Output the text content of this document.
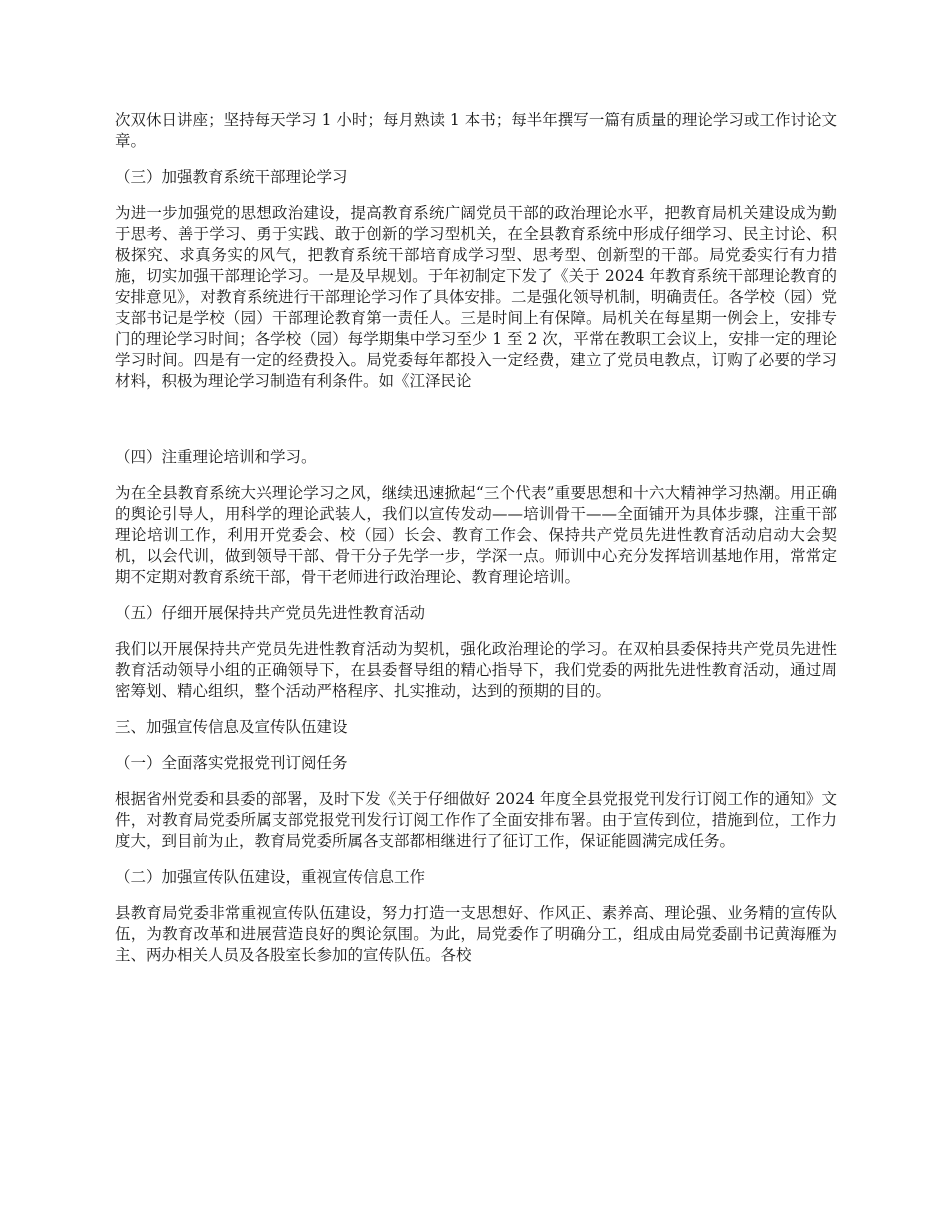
次双休日讲座；坚持每天学习 1 小时；每月熟读 1 本书；每半年撰写一篇有质量的理论学习或工作讨论文章。

（三）加强教育系统干部理论学习

为进一步加强党的思想政治建设，提高教育系统广阔党员干部的政治理论水平，把教育局机关建设成为勤于思考、善于学习、勇于实践、敢于创新的学习型机关，在全县教育系统中形成仔细学习、民主讨论、积极探究、求真务实的风气，把教育系统干部培育成学习型、思考型、创新型的干部。局党委实行有力措施，切实加强干部理论学习。一是及早规划。于年初制定下发了《关于 2024 年教育系统干部理论教育的安排意见》，对教育系统进行干部理论学习作了具体安排。二是强化领导机制，明确责任。各学校（园）党支部书记是学校（园）干部理论教育第一责任人。三是时间上有保障。局机关在每星期一例会上，安排专门的理论学习时间；各学校（园）每学期集中学习至少 1 至 2 次，平常在教职工会议上，安排一定的理论学习时间。四是有一定的经费投入。局党委每年都投入一定经费，建立了党员电教点，订购了必要的学习材料，积极为理论学习制造有利条件。如《江泽民论

（四）注重理论培训和学习。

为在全县教育系统大兴理论学习之风，继续迅速掀起“三个代表”重要思想和十六大精神学习热潮。用正确的舆论引导人，用科学的理论武装人，我们以宣传发动——培训骨干——全面铺开为具体步骤，注重干部理论培训工作，利用开党委会、校（园）长会、教育工作会、保持共产党员先进性教育活动启动大会契机，以会代训，做到领导干部、骨干分子先学一步，学深一点。师训中心充分发挥培训基地作用，常常定期不定期对教育系统干部，骨干老师进行政治理论、教育理论培训。

（五）仔细开展保持共产党员先进性教育活动

我们以开展保持共产党员先进性教育活动为契机，强化政治理论的学习。在双柏县委保持共产党员先进性教育活动领导小组的正确领导下，在县委督导组的精心指导下，我们党委的两批先进性教育活动，通过周密筹划、精心组织，整个活动严格程序、扎实推动，达到的预期的目的。

三、加强宣传信息及宣传队伍建设

（一）全面落实党报党刊订阅任务

根据省州党委和县委的部署，及时下发《关于仔细做好 2024 年度全县党报党刊发行订阅工作的通知》文件，对教育局党委所属支部党报党刊发行订阅工作作了全面安排布署。由于宣传到位，措施到位，工作力度大，到目前为止，教育局党委所属各支部都相继进行了征订工作，保证能圆满完成任务。

（二）加强宣传队伍建设，重视宣传信息工作

县教育局党委非常重视宣传队伍建设，努力打造一支思想好、作风正、素养高、理论强、业务精的宣传队伍，为教育改革和进展营造良好的舆论氛围。为此，局党委作了明确分工，组成由局党委副书记黄海雁为主、两办相关人员及各股室长参加的宣传队伍。各校
